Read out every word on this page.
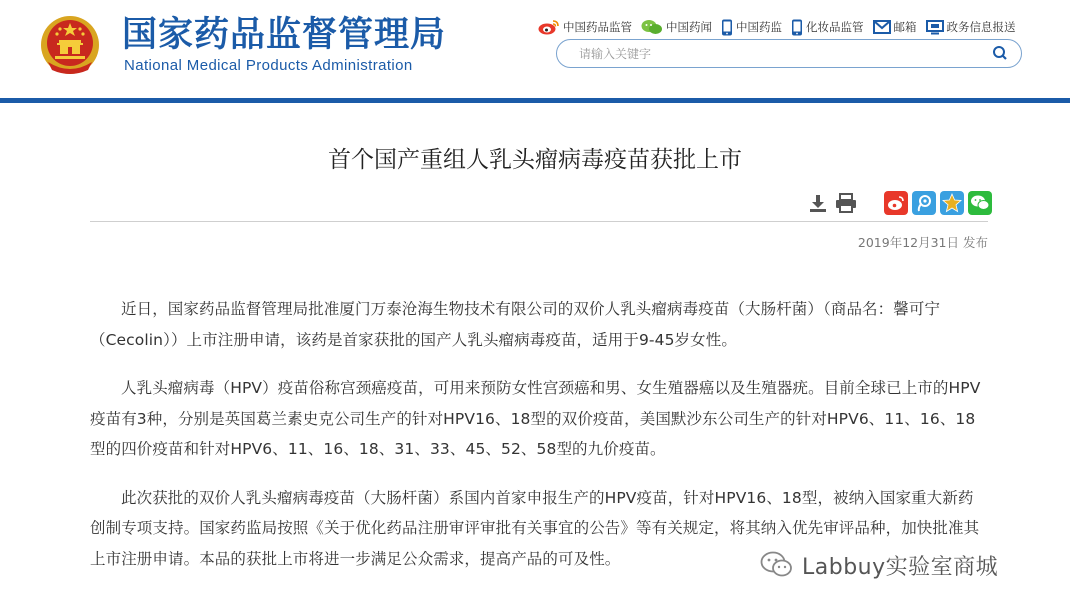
国家药品监督管理局
National Medical Products Administration
中国药品监管	中国药闻 中国药监 化妆品监管	邮箱	政务信息报送
请输入关键字
首个国产重组人乳头瘤病毒疫苗获批上市
2019年12月31日 发布

近日，国家药品监督管理局批准厦门万泰沧海生物技术有限公司的双价人乳头瘤病毒疫苗（大肠杆菌）（商品名：馨可宁（Cecolin））上市注册申请，该药是首家获批的国产人乳头瘤病毒疫苗，适用于9-45岁女性。

人乳头瘤病毒（HPV）疫苗俗称宫颈癌疫苗，可用来预防女性宫颈癌和男、女生殖器癌以及生殖器疣。目前全球已上市的HPV疫苗有3种，分别是英国葛兰素史克公司生产的针对HPV16、18型的双价疫苗，美国默沙东公司生产的针对HPV6、11、16、18型的四价疫苗和针对HPV6、11、16、18、31、33、45、52、58型的九价疫苗。

此次获批的双价人乳头瘤病毒疫苗（大肠杆菌）系国内首家申报生产的HPV疫苗，针对HPV16、18型，被纳入国家重大新药创制专项支持。国家药监局按照《关于优化药品注册审评审批有关事宜的公告》等有关规定，将其纳入优先审评品种，加快批准其上市注册申请。本品的获批上市将进一步满足公众需求，提高产品的可及性。	Labbuy实验室商城
